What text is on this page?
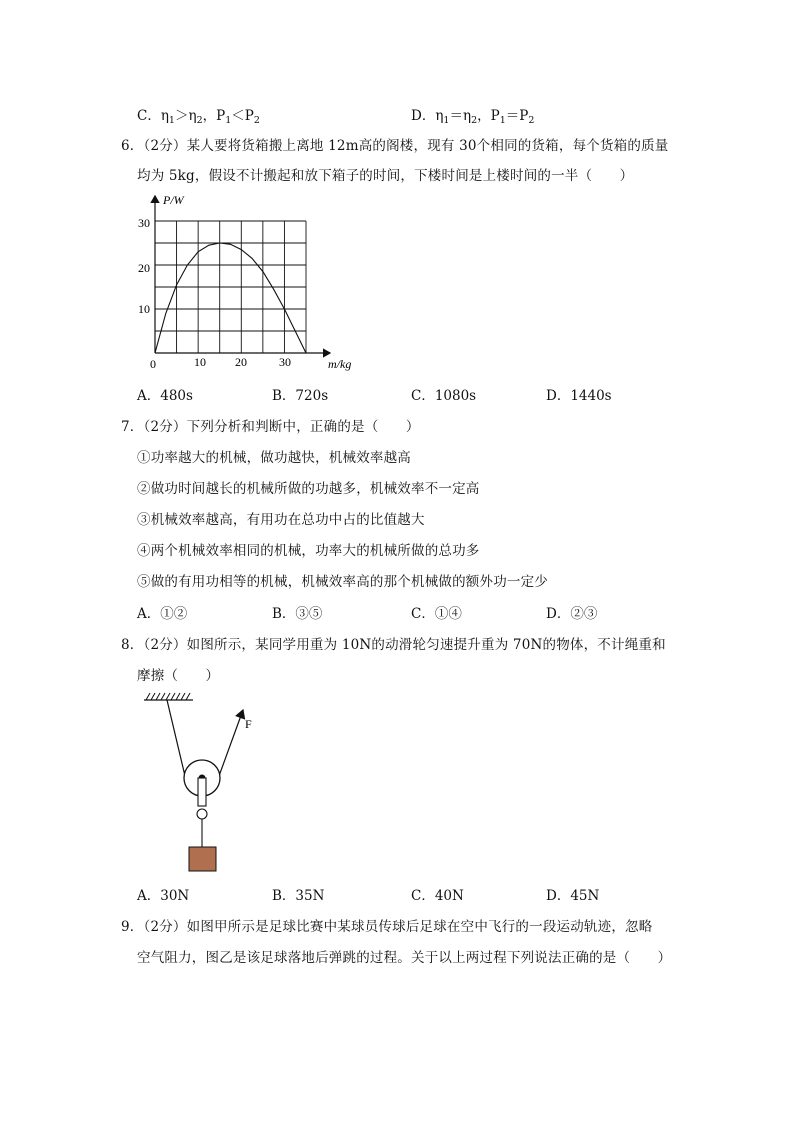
C．$\eta_1>\eta_2$，$P_1<P_2$	D．$\eta_1=\eta_2$，$P_1=P_2$
6．（2分）某人要将货箱搬上离地 12m高的阁楼，现有 30个相同的货箱，每个货箱的质量
均为 5kg，假设不计搬起和放下箱子的时间，下楼时间是上楼时间的一半（　　）
P/W
m/kg
30
20
10
0	10 20	30
A．480s	B．720s	C．1080s	D．1440s
7．（2分）下列分析和判断中，正确的是（　　）
①功率越大的机械，做功越快，机械效率越高
②做功时间越长的机械所做的功越多，机械效率不一定高
③机械效率越高，有用功在总功中占的比值越大
④两个机械效率相同的机械，功率大的机械所做的总功多
⑤做的有用功相等的机械，机械效率高的那个机械做的额外功一定少
A．①②	B．③⑤	C．①④	D．②③
8．（2分）如图所示，某同学用重为 10N的动滑轮匀速提升重为 70N的物体，不计绳重和
摩擦（　　）
F
A．30N	B．35N	C．40N	D．45N
9．（2分）如图甲所示是足球比赛中某球员传球后足球在空中飞行的一段运动轨迹，忽略
空气阻力，图乙是该足球落地后弹跳的过程。关于以上两过程下列说法正确的是（　　）
